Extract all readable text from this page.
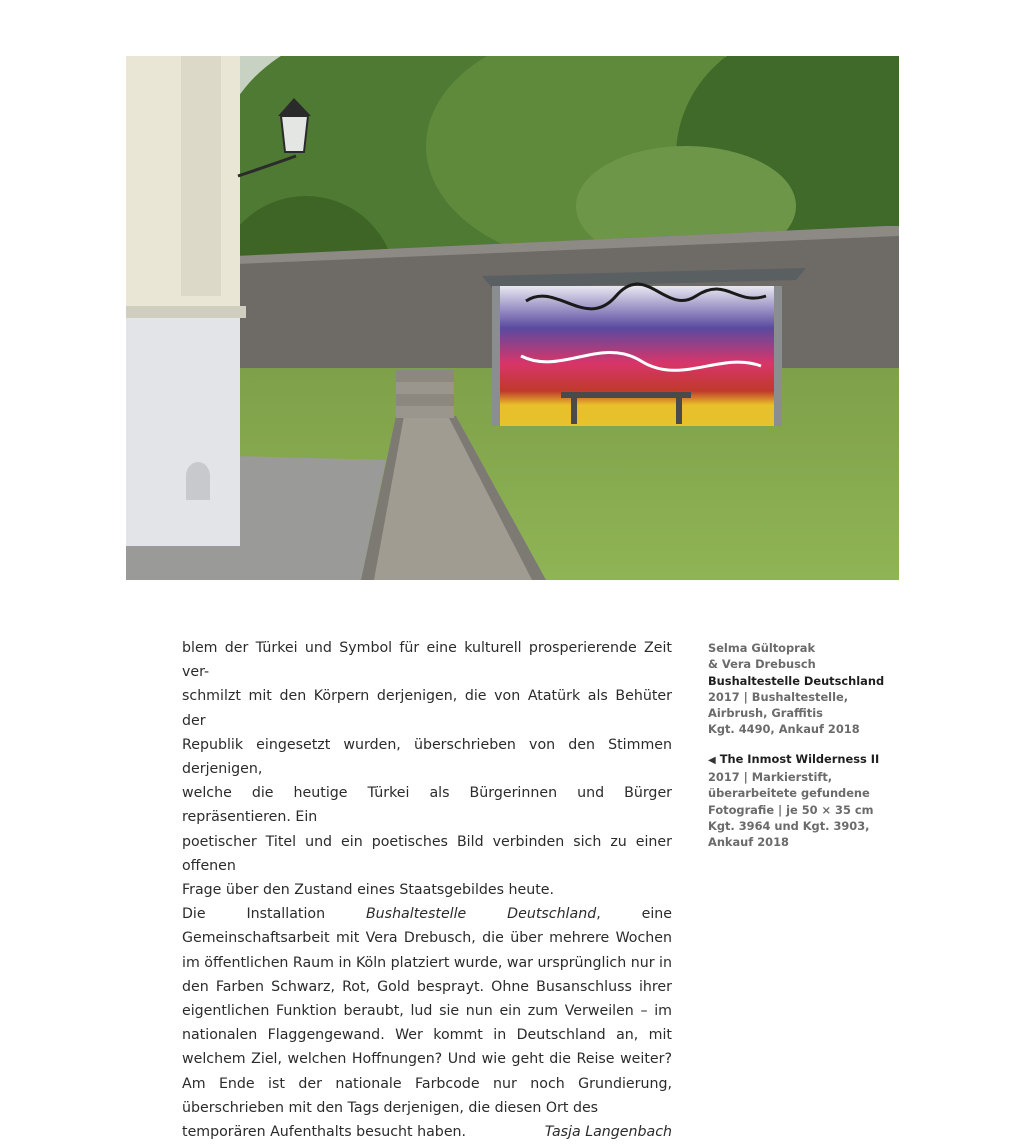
blem der Türkei und Symbol für eine kulturell prosperierende Zeit ver-

schmilzt mit den Körpern derjenigen, die von Atatürk als Behüter der

Republik eingesetzt wurden, überschrieben von den Stimmen derjenigen,

welche die heutige Türkei als Bürgerinnen und Bürger repräsentieren. Ein

poetischer Titel und ein poetisches Bild verbinden sich zu einer offenen

Frage über den Zustand eines Staatsgebildes heute.

Die Installation Bushaltestelle Deutschland, eine Gemeinschaftsarbeit mit Vera Drebusch, die über mehrere Wochen im öffentlichen Raum in Köln platziert wurde, war ursprünglich nur in den Farben Schwarz, Rot, Gold besprayt. Ohne Busanschluss ihrer eigentlichen Funktion beraubt, lud sie nun ein zum Verweilen – im nationalen Flaggengewand. Wer kommt in Deutschland an, mit welchem Ziel, welchen Hoffnungen? Und wie geht die Reise weiter? Am Ende ist der nationale Farbcode nur noch Grundierung, überschrieben mit den Tags derjenigen, die diesen Ort des

temporären Aufenthalts besucht haben.	Tasja Langenbach
Selma Gültoprak
& Vera Drebusch
Bushaltestelle Deutschland
2017 | Bushaltestelle,
Airbrush, Graffitis
Kgt. 4490, Ankauf 2018
◀ The Inmost Wilderness II
2017 | Markierstift,
überarbeitete gefundene
Fotografie | je 50 × 35 cm
Kgt. 3964 und Kgt. 3903,
Ankauf 2018
